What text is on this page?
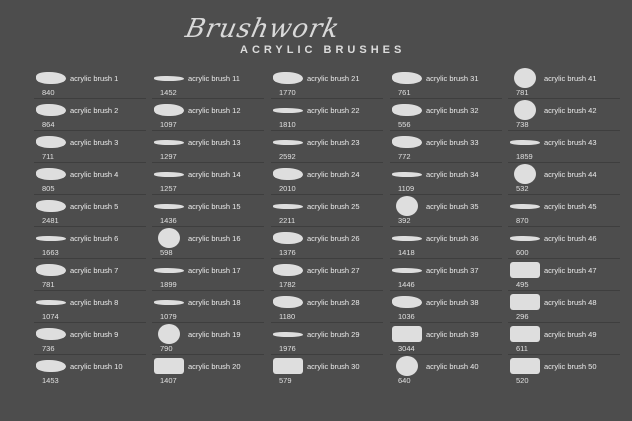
Brushwork
ACRYLIC BRUSHES
acrylic brush 1
840
acrylic brush 2
864
acrylic brush 3
711
acrylic brush 4
805
acrylic brush 5
2481
acrylic brush 6
1663
acrylic brush 7
781
acrylic brush 8
1074
acrylic brush 9
736
acrylic brush 10
1453
acrylic brush 11
1452
acrylic brush 12
1097
acrylic brush 13
1297
acrylic brush 14
1257
acrylic brush 15
1436
acrylic brush 16
598
acrylic brush 17
1899
acrylic brush 18
1079
acrylic brush 19
790
acrylic brush 20
1407
acrylic brush 21
1770
acrylic brush 22
1810
acrylic brush 23
2592
acrylic brush 24
2010
acrylic brush 25
2211
acrylic brush 26
1376
acrylic brush 27
1782
acrylic brush 28
1180
acrylic brush 29
1976
acrylic brush 30
579
acrylic brush 31
761
acrylic brush 32
556
acrylic brush 33
772
acrylic brush 34
1109
acrylic brush 35
392
acrylic brush 36
1418
acrylic brush 37
1446
acrylic brush 38
1036
acrylic brush 39
3044
acrylic brush 40
640
acrylic brush 41
781
acrylic brush 42
738
acrylic brush 43
1859
acrylic brush 44
532
acrylic brush 45
870
acrylic brush 46
600
acrylic brush 47
495
acrylic brush 48
296
acrylic brush 49
611
acrylic brush 50
520
